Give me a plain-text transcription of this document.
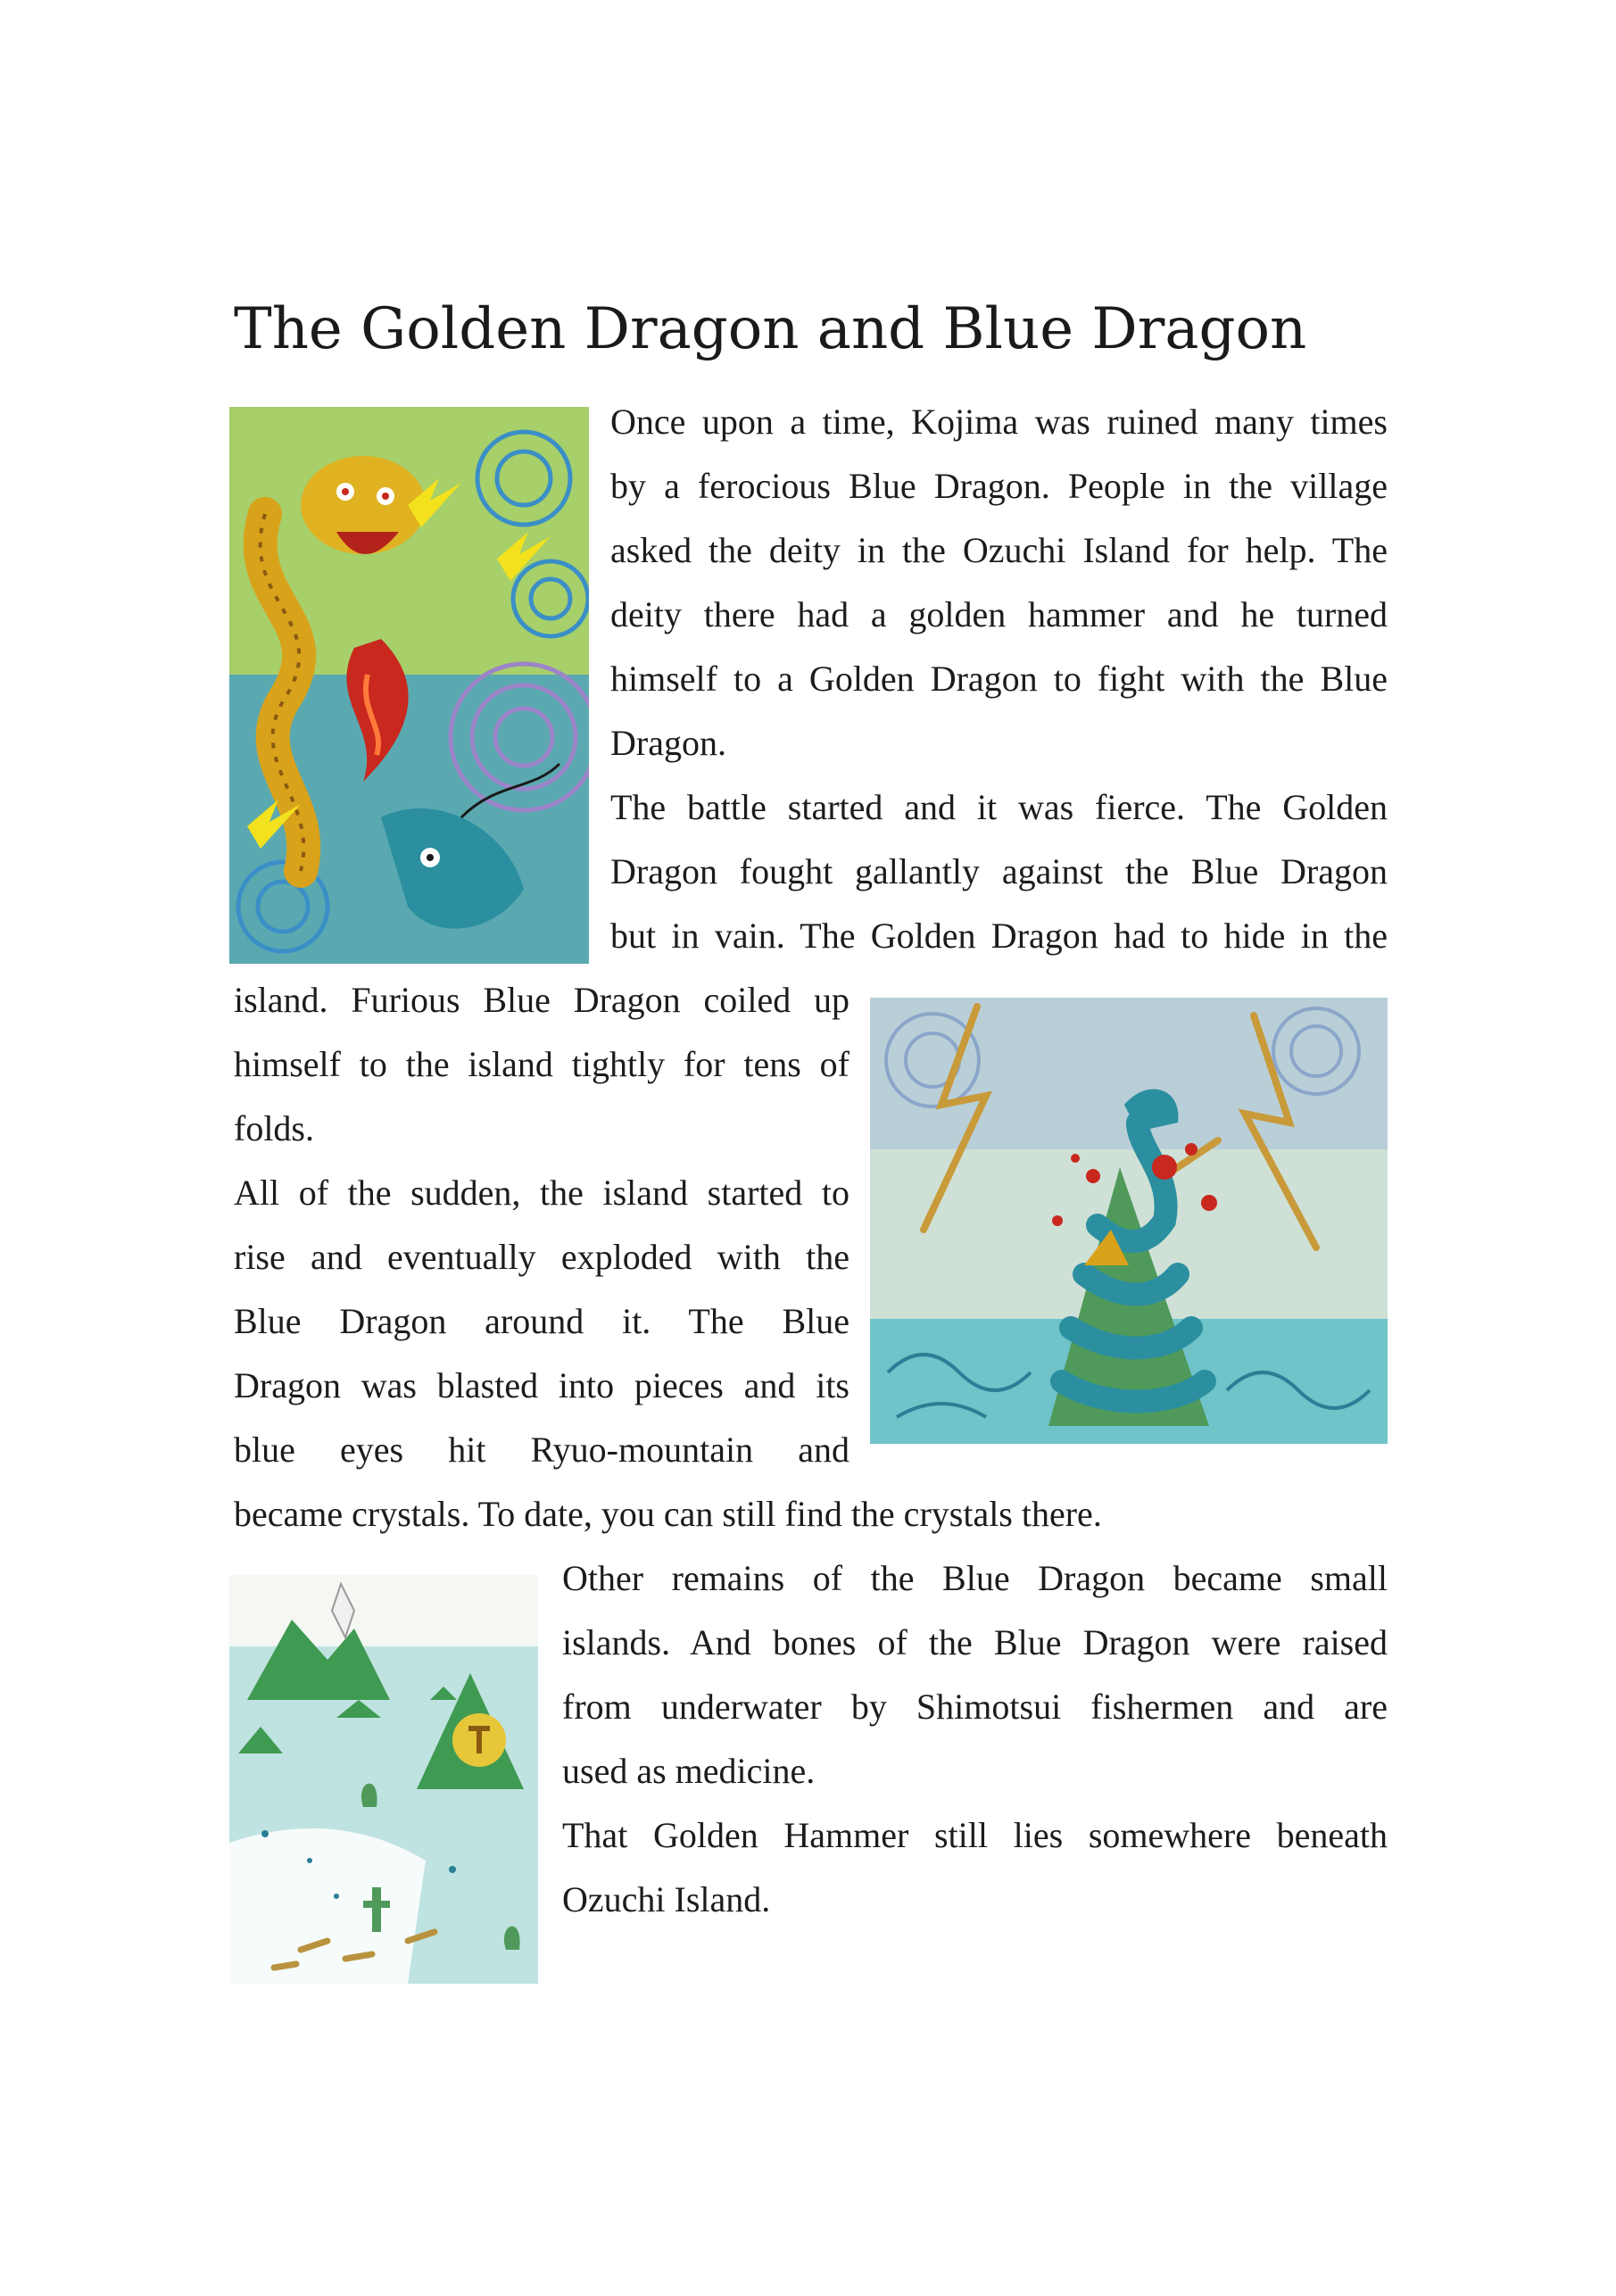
The Golden Dragon and Blue Dragon
Once upon a time, Kojima was ruined many times
by a ferocious Blue Dragon. People in the village
asked the deity in the Ozuchi Island for help. The
deity there had a golden hammer and he turned
himself to a Golden Dragon to fight with the Blue
Dragon.
The battle started and it was fierce. The Golden
Dragon fought gallantly against the Blue Dragon
but in vain. The Golden Dragon had to hide in the
island. Furious Blue Dragon coiled up
himself to the island tightly for tens of
folds.
All of the sudden, the island started to
rise and eventually exploded with the
Blue Dragon around it. The Blue
Dragon was blasted into pieces and its
blue eyes hit Ryuo-mountain and
became crystals. To date, you can still find the crystals there.
Other remains of the Blue Dragon became small
islands. And bones of the Blue Dragon were raised
from underwater by Shimotsui fishermen and are
used as medicine.
That Golden Hammer still lies somewhere beneath
Ozuchi Island.
